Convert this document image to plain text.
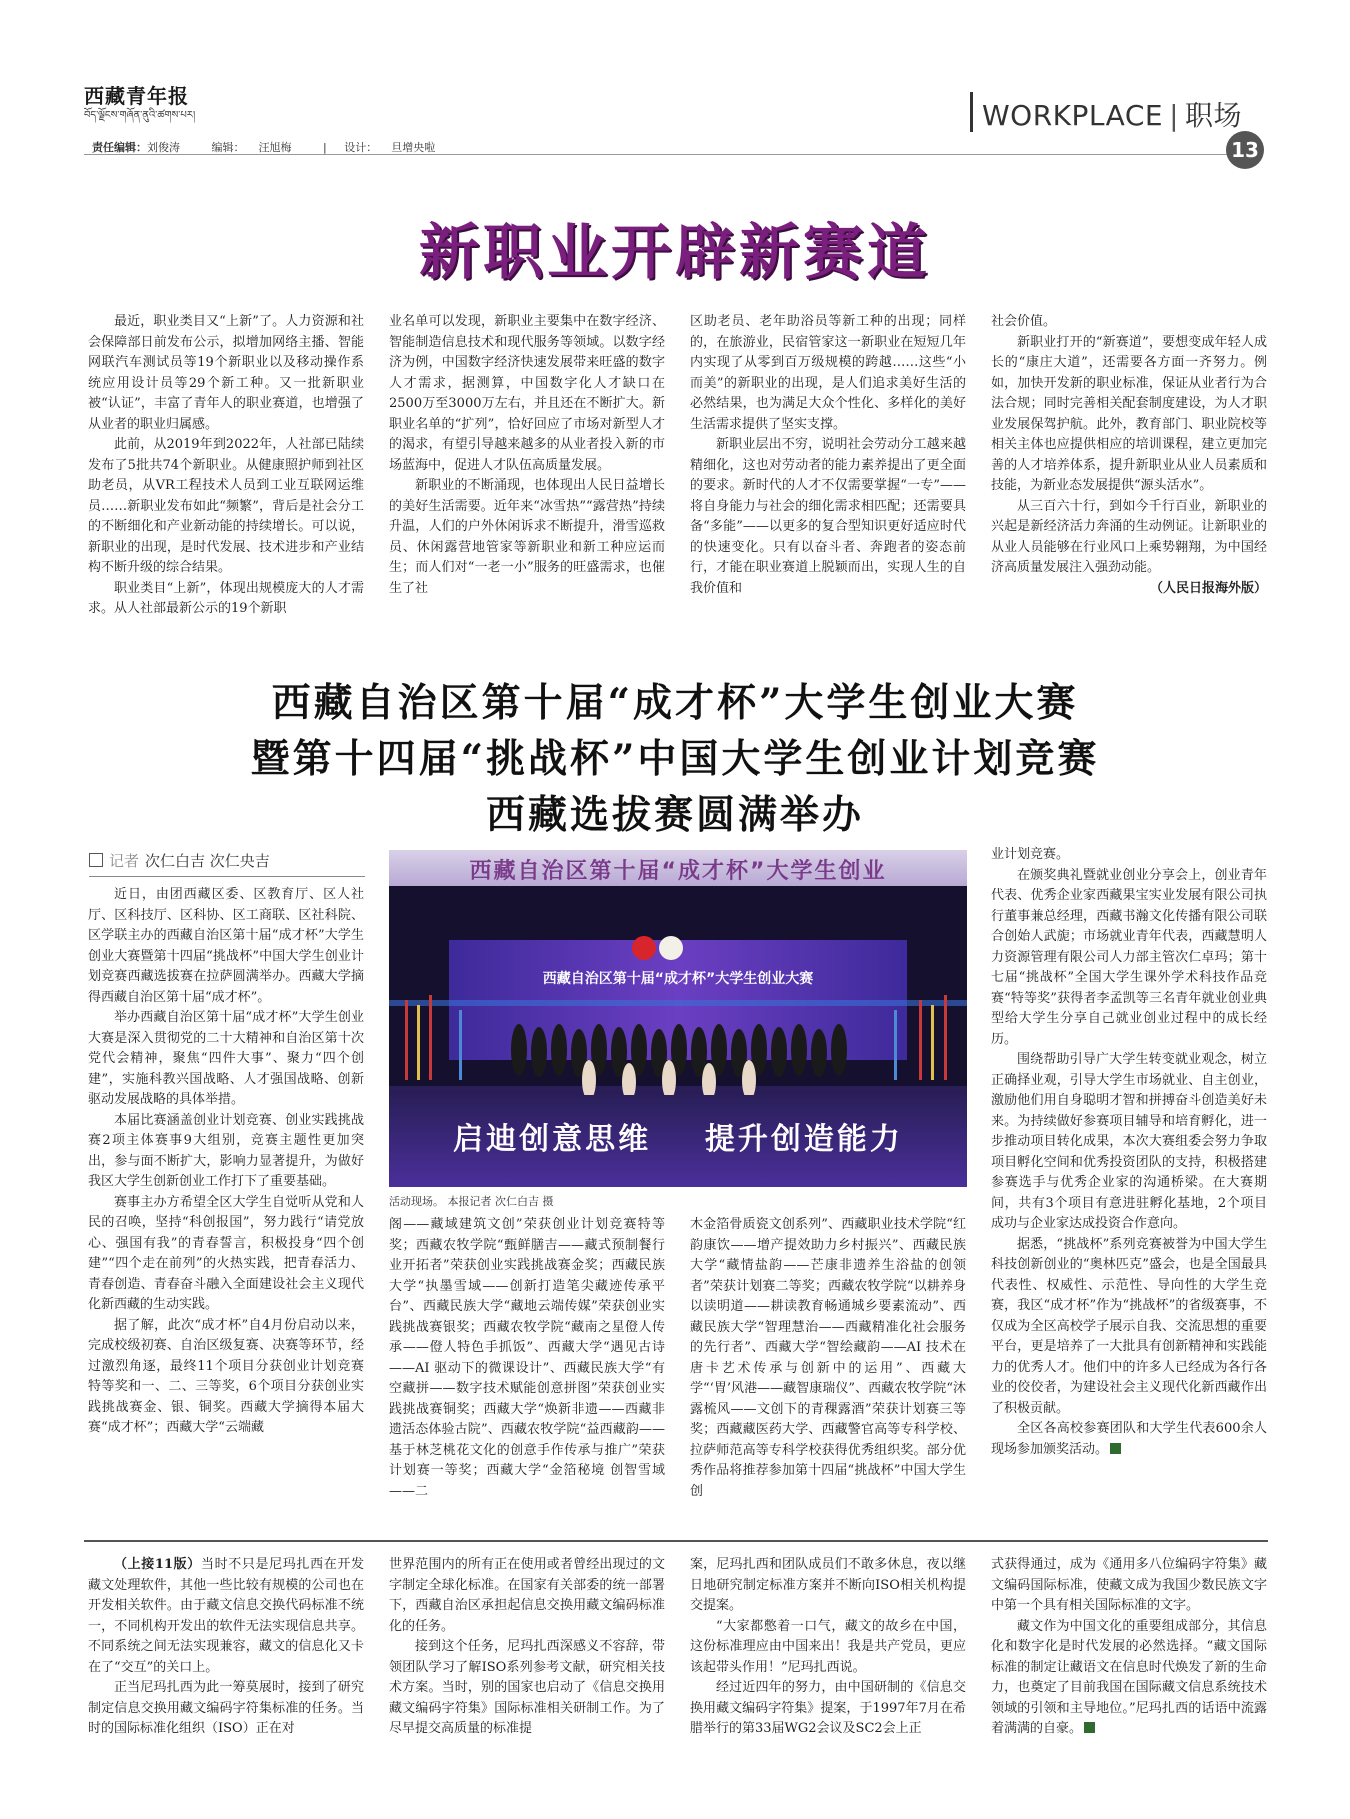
西藏青年报
བོད་ལྗོངས་གཞོན་ནུའི་ཚགས་པར།
责任编辑：刘俊涛	编辑： 汪旭梅	| 设计： 旦增央啦
WORKPLACE | 职场
13
新职业开辟新赛道

最近，职业类目又“上新”了。人力资源和社会保障部日前发布公示，拟增加网络主播、智能网联汽车测试员等19个新职业以及移动操作系统应用设计员等29个新工种。又一批新职业被“认证”，丰富了青年人的职业赛道，也增强了从业者的职业归属感。

此前，从2019年到2022年，人社部已陆续发布了5批共74个新职业。从健康照护师到社区助老员，从VR工程技术人员到工业互联网运维员……新职业发布如此“频繁”，背后是社会分工的不断细化和产业新动能的持续增长。可以说，新职业的出现，是时代发展、技术进步和产业结构不断升级的综合结果。

职业类目“上新”，体现出规模庞大的人才需求。从人社部最新公示的19个新职

业名单可以发现，新职业主要集中在数字经济、智能制造信息技术和现代服务等领域。以数字经济为例，中国数字经济快速发展带来旺盛的数字人才需求，据测算，中国数字化人才缺口在2500万至3000万左右，并且还在不断扩大。新职业名单的“扩列”，恰好回应了市场对新型人才的渴求，有望引导越来越多的从业者投入新的市场蓝海中，促进人才队伍高质量发展。

新职业的不断涌现，也体现出人民日益增长的美好生活需要。近年来“冰雪热”“露营热”持续升温，人们的户外休闲诉求不断提升，滑雪巡救员、休闲露营地管家等新职业和新工种应运而生；而人们对“一老一小”服务的旺盛需求，也催生了社

区助老员、老年助浴员等新工种的出现；同样的，在旅游业，民宿管家这一新职业在短短几年内实现了从零到百万级规模的跨越……这些“小而美”的新职业的出现，是人们追求美好生活的必然结果，也为满足大众个性化、多样化的美好生活需求提供了坚实支撑。

新职业层出不穷，说明社会劳动分工越来越精细化，这也对劳动者的能力素养提出了更全面的要求。新时代的人才不仅需要掌握“一专”——将自身能力与社会的细化需求相匹配；还需要具备“多能”——以更多的复合型知识更好适应时代的快速变化。只有以奋斗者、奔跑者的姿态前行，才能在职业赛道上脱颖而出，实现人生的自我价值和

社会价值。

新职业打开的“新赛道”，要想变成年轻人成长的“康庄大道”，还需要各方面一齐努力。例如，加快开发新的职业标准，保证从业者行为合法合规；同时完善相关配套制度建设，为人才职业发展保驾护航。此外，教育部门、职业院校等相关主体也应提供相应的培训课程，建立更加完善的人才培养体系，提升新职业从业人员素质和技能，为新业态发展提供“源头活水”。

从三百六十行，到如今千行百业，新职业的兴起是新经济活力奔涌的生动例证。让新职业的从业人员能够在行业风口上乘势翱翔，为中国经济高质量发展注入强劲动能。

（人民日报海外版）

西藏自治区第十届“成才杯”大学生创业大赛
暨第十四届“挑战杯”中国大学生创业计划竞赛
西藏选拔赛圆满举办
记者 次仁白吉 次仁央吉	西藏自治区第十届“成才杯”大学生创业
西藏自治区第十届“成才杯”大学生创业大赛
启迪创意思维    提升创造能力
活动现场。 本报记者 次仁白吉 摄

近日，由团西藏区委、区教育厅、区人社厅、区科技厅、区科协、区工商联、区社科院、区学联主办的西藏自治区第十届“成才杯”大学生创业大赛暨第十四届“挑战杯”中国大学生创业计划竞赛西藏选拔赛在拉萨圆满举办。西藏大学摘得西藏自治区第十届“成才杯”。

举办西藏自治区第十届“成才杯”大学生创业大赛是深入贯彻党的二十大精神和自治区第十次党代会精神，聚焦“四件大事”、聚力“四个创建”，实施科教兴国战略、人才强国战略、创新驱动发展战略的具体举措。

本届比赛涵盖创业计划竞赛、创业实践挑战赛2项主体赛事9大组别，竞赛主题性更加突出，参与面不断扩大，影响力显著提升，为做好我区大学生创新创业工作打下了重要基础。

赛事主办方希望全区大学生自觉听从党和人民的召唤，坚持“科创报国”，努力践行“请党放心、强国有我”的青春誓言，积极投身“四个创建”“四个走在前列”的火热实践，把青春活力、青春创造、青春奋斗融入全面建设社会主义现代化新西藏的生动实践。

据了解，此次“成才杯”自4月份启动以来，完成校级初赛、自治区级复赛、决赛等环节，经过激烈角逐，最终11个项目分获创业计划竞赛特等奖和一、二、三等奖，6个项目分获创业实践挑战赛金、银、铜奖。西藏大学摘得本届大赛“成才杯”；西藏大学“云端藏

阁——藏域建筑文创”荣获创业计划竞赛特等奖；西藏农牧学院“甄鲜膳吉——藏式预制餐行业开拓者”荣获创业实践挑战赛金奖；西藏民族大学“执墨雪域——创新打造笔尖藏迹传承平台”、西藏民族大学“藏地云端传媒”荣获创业实践挑战赛银奖；西藏农牧学院“藏南之星僜人传承——僜人特色手抓饭”、西藏大学“遇见古诗——AI 驱动下的微课设计”、西藏民族大学“有空藏拼——数字技术赋能创意拼图”荣获创业实践挑战赛铜奖；西藏大学“焕新非遗——西藏非遗活态体验古院”、西藏农牧学院“益西藏韵——基于林芝桃花文化的创意手作传承与推广”荣获计划赛一等奖；西藏大学“金箔秘境 创智雪域——二

木金箔骨质瓷文创系列”、西藏职业技术学院“红韵康饮——增产提效助力乡村振兴”、西藏民族大学“藏情盐韵——芒康非遗养生浴盐的创领者”荣获计划赛二等奖；西藏农牧学院“以耕养身 以读明道——耕读教育畅通城乡要素流动”、西藏民族大学“智理慧治——西藏精准化社会服务的先行者”、西藏大学“智绘藏韵——AI 技术在唐卡艺术传承与创新中的运用”、西藏大学“‘胃’风港——藏智康瑞仪”、西藏农牧学院“沐露梳风——文创下的青稞露酒”荣获计划赛三等奖；西藏藏医药大学、西藏警官高等专科学校、拉萨师范高等专科学校获得优秀组织奖。部分优秀作品将推荐参加第十四届“挑战杯”中国大学生创

业计划竞赛。

在颁奖典礼暨就业创业分享会上，创业青年代表、优秀企业家西藏果宝实业发展有限公司执行董事兼总经理，西藏书瀚文化传播有限公司联合创始人武旎；市场就业青年代表，西藏慧明人力资源管理有限公司人力部主管次仁卓玛；第十七届“挑战杯”全国大学生课外学术科技作品竞赛“特等奖”获得者李孟凯等三名青年就业创业典型给大学生分享自己就业创业过程中的成长经历。

围绕帮助引导广大学生转变就业观念，树立正确择业观，引导大学生市场就业、自主创业，激励他们用自身聪明才智和拼搏奋斗创造美好未来。为持续做好参赛项目辅导和培育孵化，进一步推动项目转化成果，本次大赛组委会努力争取项目孵化空间和优秀投资团队的支持，积极搭建参赛选手与优秀企业家的沟通桥梁。在大赛期间，共有3个项目有意进驻孵化基地，2个项目成功与企业家达成投资合作意向。

据悉，“挑战杯”系列竞赛被誉为中国大学生科技创新创业的“奥林匹克”盛会，也是全国最具代表性、权威性、示范性、导向性的大学生竞赛，我区“成才杯”作为“挑战杯”的省级赛事，不仅成为全区高校学子展示自我、交流思想的重要平台，更是培养了一大批具有创新精神和实践能力的优秀人才。他们中的许多人已经成为各行各业的佼佼者，为建设社会主义现代化新西藏作出了积极贡献。

全区各高校参赛团队和大学生代表600余人现场参加颁奖活动。

（上接11版）当时不只是尼玛扎西在开发藏文处理软件，其他一些比较有规模的公司也在开发相关软件。由于藏文信息交换代码标准不统一，不同机构开发出的软件无法实现信息共享。不同系统之间无法实现兼容，藏文的信息化又卡在了“交互”的关口上。

正当尼玛扎西为此一筹莫展时，接到了研究制定信息交换用藏文编码字符集标准的任务。当时的国际标准化组织（ISO）正在对

世界范围内的所有正在使用或者曾经出现过的文字制定全球化标准。在国家有关部委的统一部署下，西藏自治区承担起信息交换用藏文编码标准化的任务。

接到这个任务，尼玛扎西深感义不容辞，带领团队学习了解ISO系列参考文献，研究相关技术方案。当时，别的国家也启动了《信息交换用藏文编码字符集》国际标准相关研制工作。为了尽早提交高质量的标准提

案，尼玛扎西和团队成员们不敢多休息，夜以继日地研究制定标准方案并不断向ISO相关机构提交提案。

“大家都憋着一口气，藏文的故乡在中国，这份标准理应由中国来出！我是共产党员，更应该起带头作用！”尼玛扎西说。

经过近四年的努力，由中国研制的《信息交换用藏文编码字符集》提案，于1997年7月在希腊举行的第33届WG2会议及SC2会上正

式获得通过，成为《通用多八位编码字符集》藏文编码国际标准，使藏文成为我国少数民族文字中第一个具有相关国际标准的文字。

藏文作为中国文化的重要组成部分，其信息化和数字化是时代发展的必然选择。“藏文国际标准的制定让藏语文在信息时代焕发了新的生命力，也奠定了目前我国在国际藏文信息系统技术领域的引领和主导地位。”尼玛扎西的话语中流露着满满的自豪。
